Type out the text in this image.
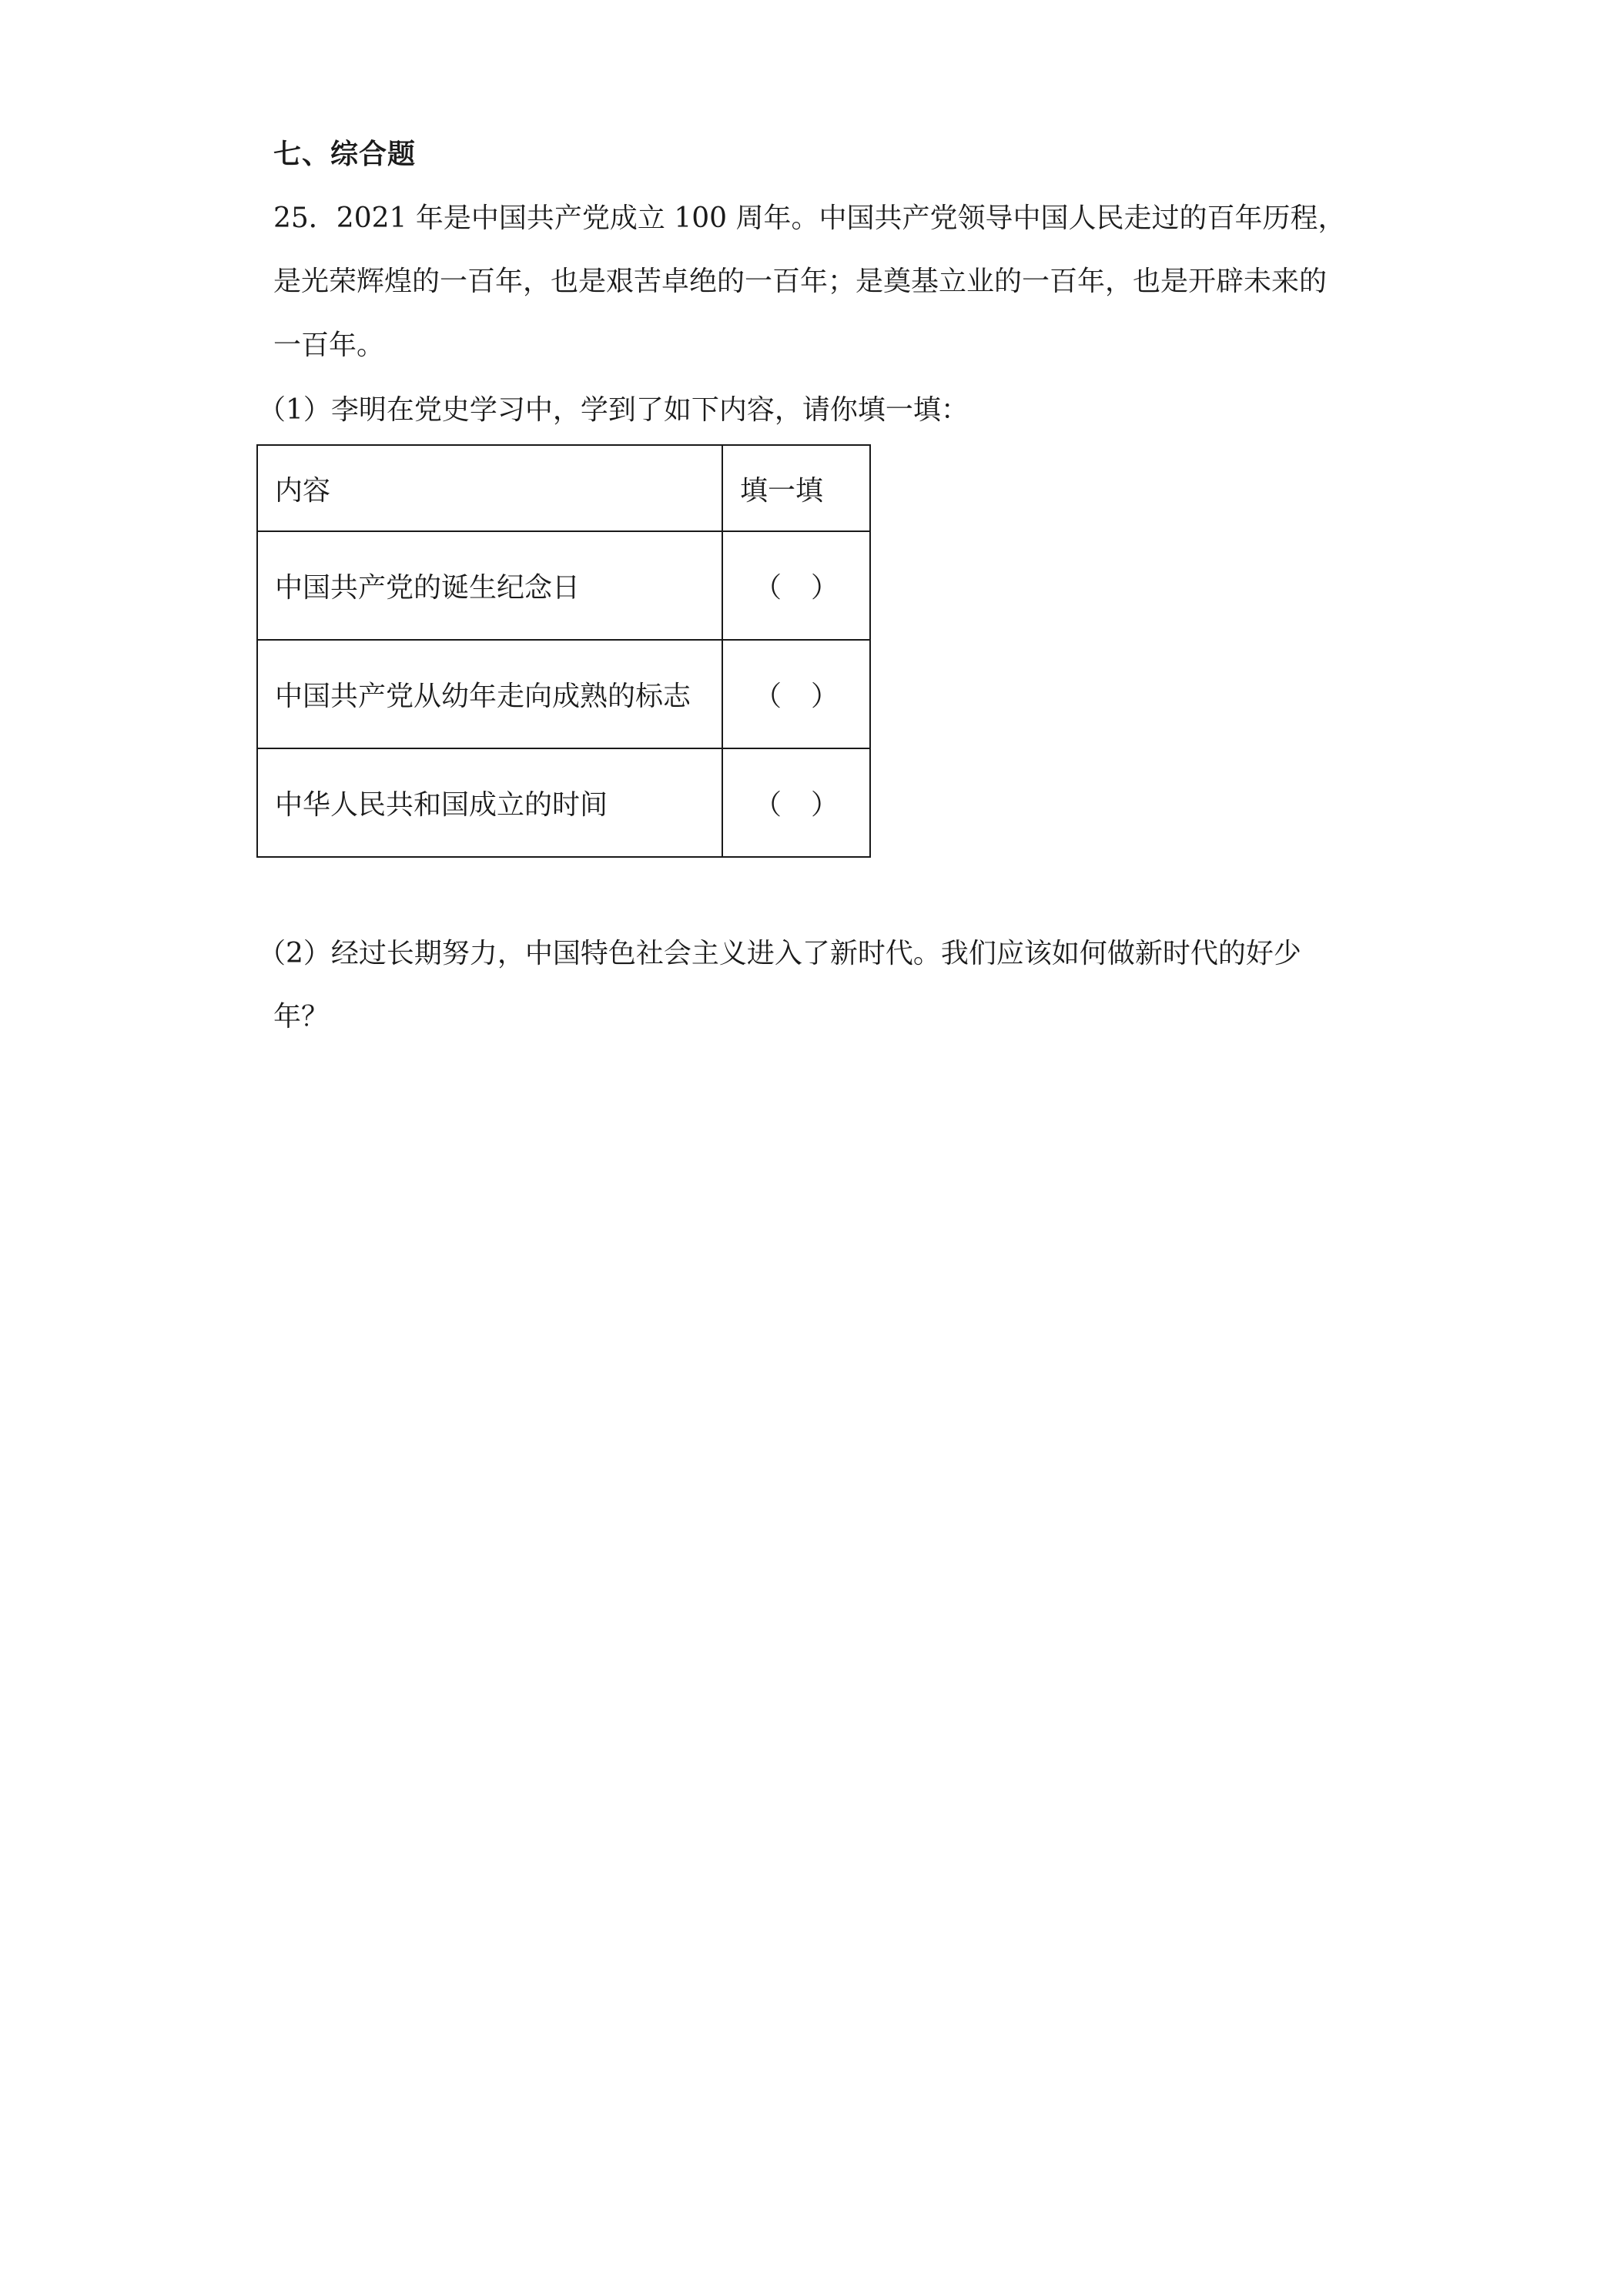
七、综合题
25．2021 年是中国共产党成立 100 周年。中国共产党领导中国人民走过的百年历程，
是光荣辉煌的一百年，也是艰苦卓绝的一百年；是奠基立业的一百年，也是开辟未来的
一百年。
（1）李明在党史学习中，学到了如下内容，请你填一填：
内容	填一填
中国共产党的诞生纪念日	（ ）

中国共产党从幼年走向成熟的标志	（ ）

中华人民共和国成立的时间	（ ）
（2）经过长期努力，中国特色社会主义进入了新时代。我们应该如何做新时代的好少
年？
